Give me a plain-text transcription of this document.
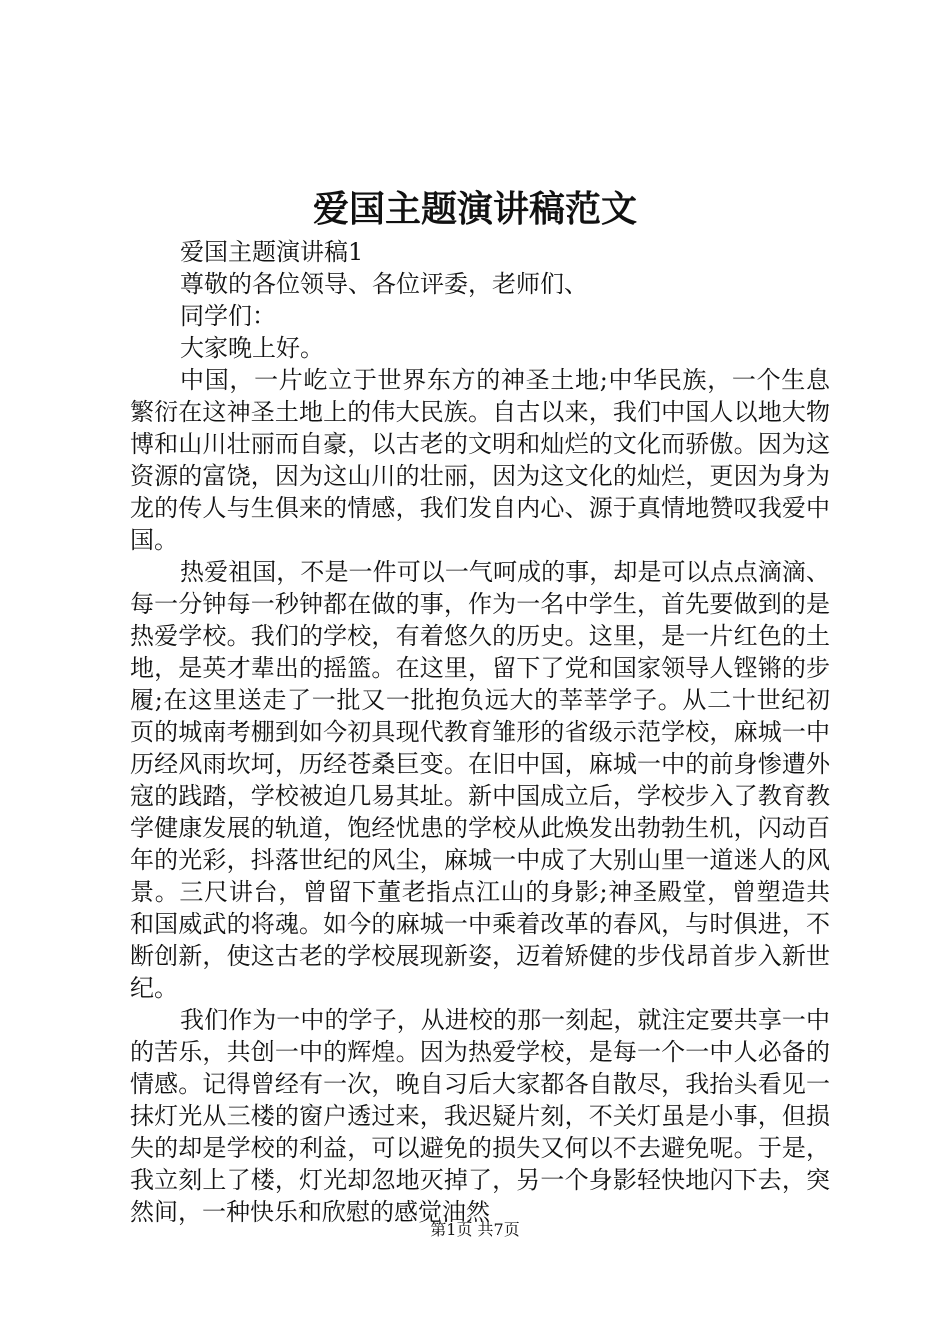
爱国主题演讲稿范文

爱国主题演讲稿1

尊敬的各位领导、各位评委，老师们、

同学们：

大家晚上好。

中国，一片屹立于世界东方的神圣土地;中华民族，一个生息繁衍在这神圣土地上的伟大民族。自古以来，我们中国人以地大物博和山川壮丽而自豪，以古老的文明和灿烂的文化而骄傲。因为这资源的富饶，因为这山川的壮丽，因为这文化的灿烂，更因为身为龙的传人与生俱来的情感，我们发自内心、源于真情地赞叹我爱中国。

热爱祖国，不是一件可以一气呵成的事，却是可以点点滴滴、每一分钟每一秒钟都在做的事，作为一名中学生，首先要做到的是热爱学校。我们的学校，有着悠久的历史。这里，是一片红色的土地，是英才辈出的摇篮。在这里，留下了党和国家领导人铿锵的步履;在这里送走了一批又一批抱负远大的莘莘学子。从二十世纪初页的城南考棚到如今初具现代教育雏形的省级示范学校，麻城一中历经风雨坎坷，历经苍桑巨变。在旧中国，麻城一中的前身惨遭外寇的践踏，学校被迫几易其址。新中国成立后，学校步入了教育教学健康发展的轨道，饱经忧患的学校从此焕发出勃勃生机，闪动百年的光彩，抖落世纪的风尘，麻城一中成了大别山里一道迷人的风景。三尺讲台，曾留下董老指点江山的身影;神圣殿堂，曾塑造共和国威武的将魂。如今的麻城一中乘着改革的春风，与时俱进，不断创新，使这古老的学校展现新姿，迈着矫健的步伐昂首步入新世纪。

我们作为一中的学子，从进校的那一刻起，就注定要共享一中的苦乐，共创一中的辉煌。因为热爱学校，是每一个一中人必备的情感。记得曾经有一次，晚自习后大家都各自散尽，我抬头看见一抹灯光从三楼的窗户透过来，我迟疑片刻，不关灯虽是小事，但损失的却是学校的利益，可以避免的损失又何以不去避免呢。于是，我立刻上了楼，灯光却忽地灭掉了，另一个身影轻快地闪下去，突然间，一种快乐和欣慰的感觉油然

第1页 共7页
